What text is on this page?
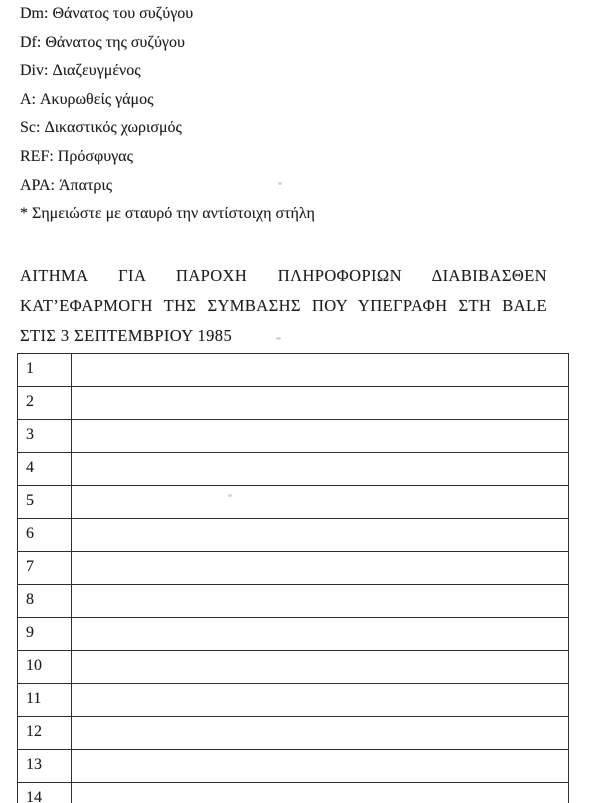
Dm: Θάνατος του συζύγου
Df: Θάνατος της συζύγου
Div: Διαζευγμένος
A: Ακυρωθείς γάμος
Sc: Δικαστικός χωρισμός
REF: Πρόσφυγας
APA: Άπατρις
* Σημειώστε με σταυρό την αντίστοιχη στήλη
ΑΙΤΗΜΑ ΓΙΑ ΠΑΡΟΧΗ ΠΛΗΡΟΦΟΡΙΩΝ ΔΙΑΒΙΒΑΣΘΕΝ
ΚΑΤ’ΕΦΑΡΜΟΓΗ ΤΗΣ ΣΥΜΒΑΣΗΣ ΠΟΥ ΥΠΕΓΡΑΦΗ ΣΤΗ BALE
ΣΤΙΣ 3 ΣΕΠΤΕΜΒΡΙΟΥ 1985
1	
2	
3	
4	
5	
6	
7	
8	
9	
10	
11	
12	
13	
14	
